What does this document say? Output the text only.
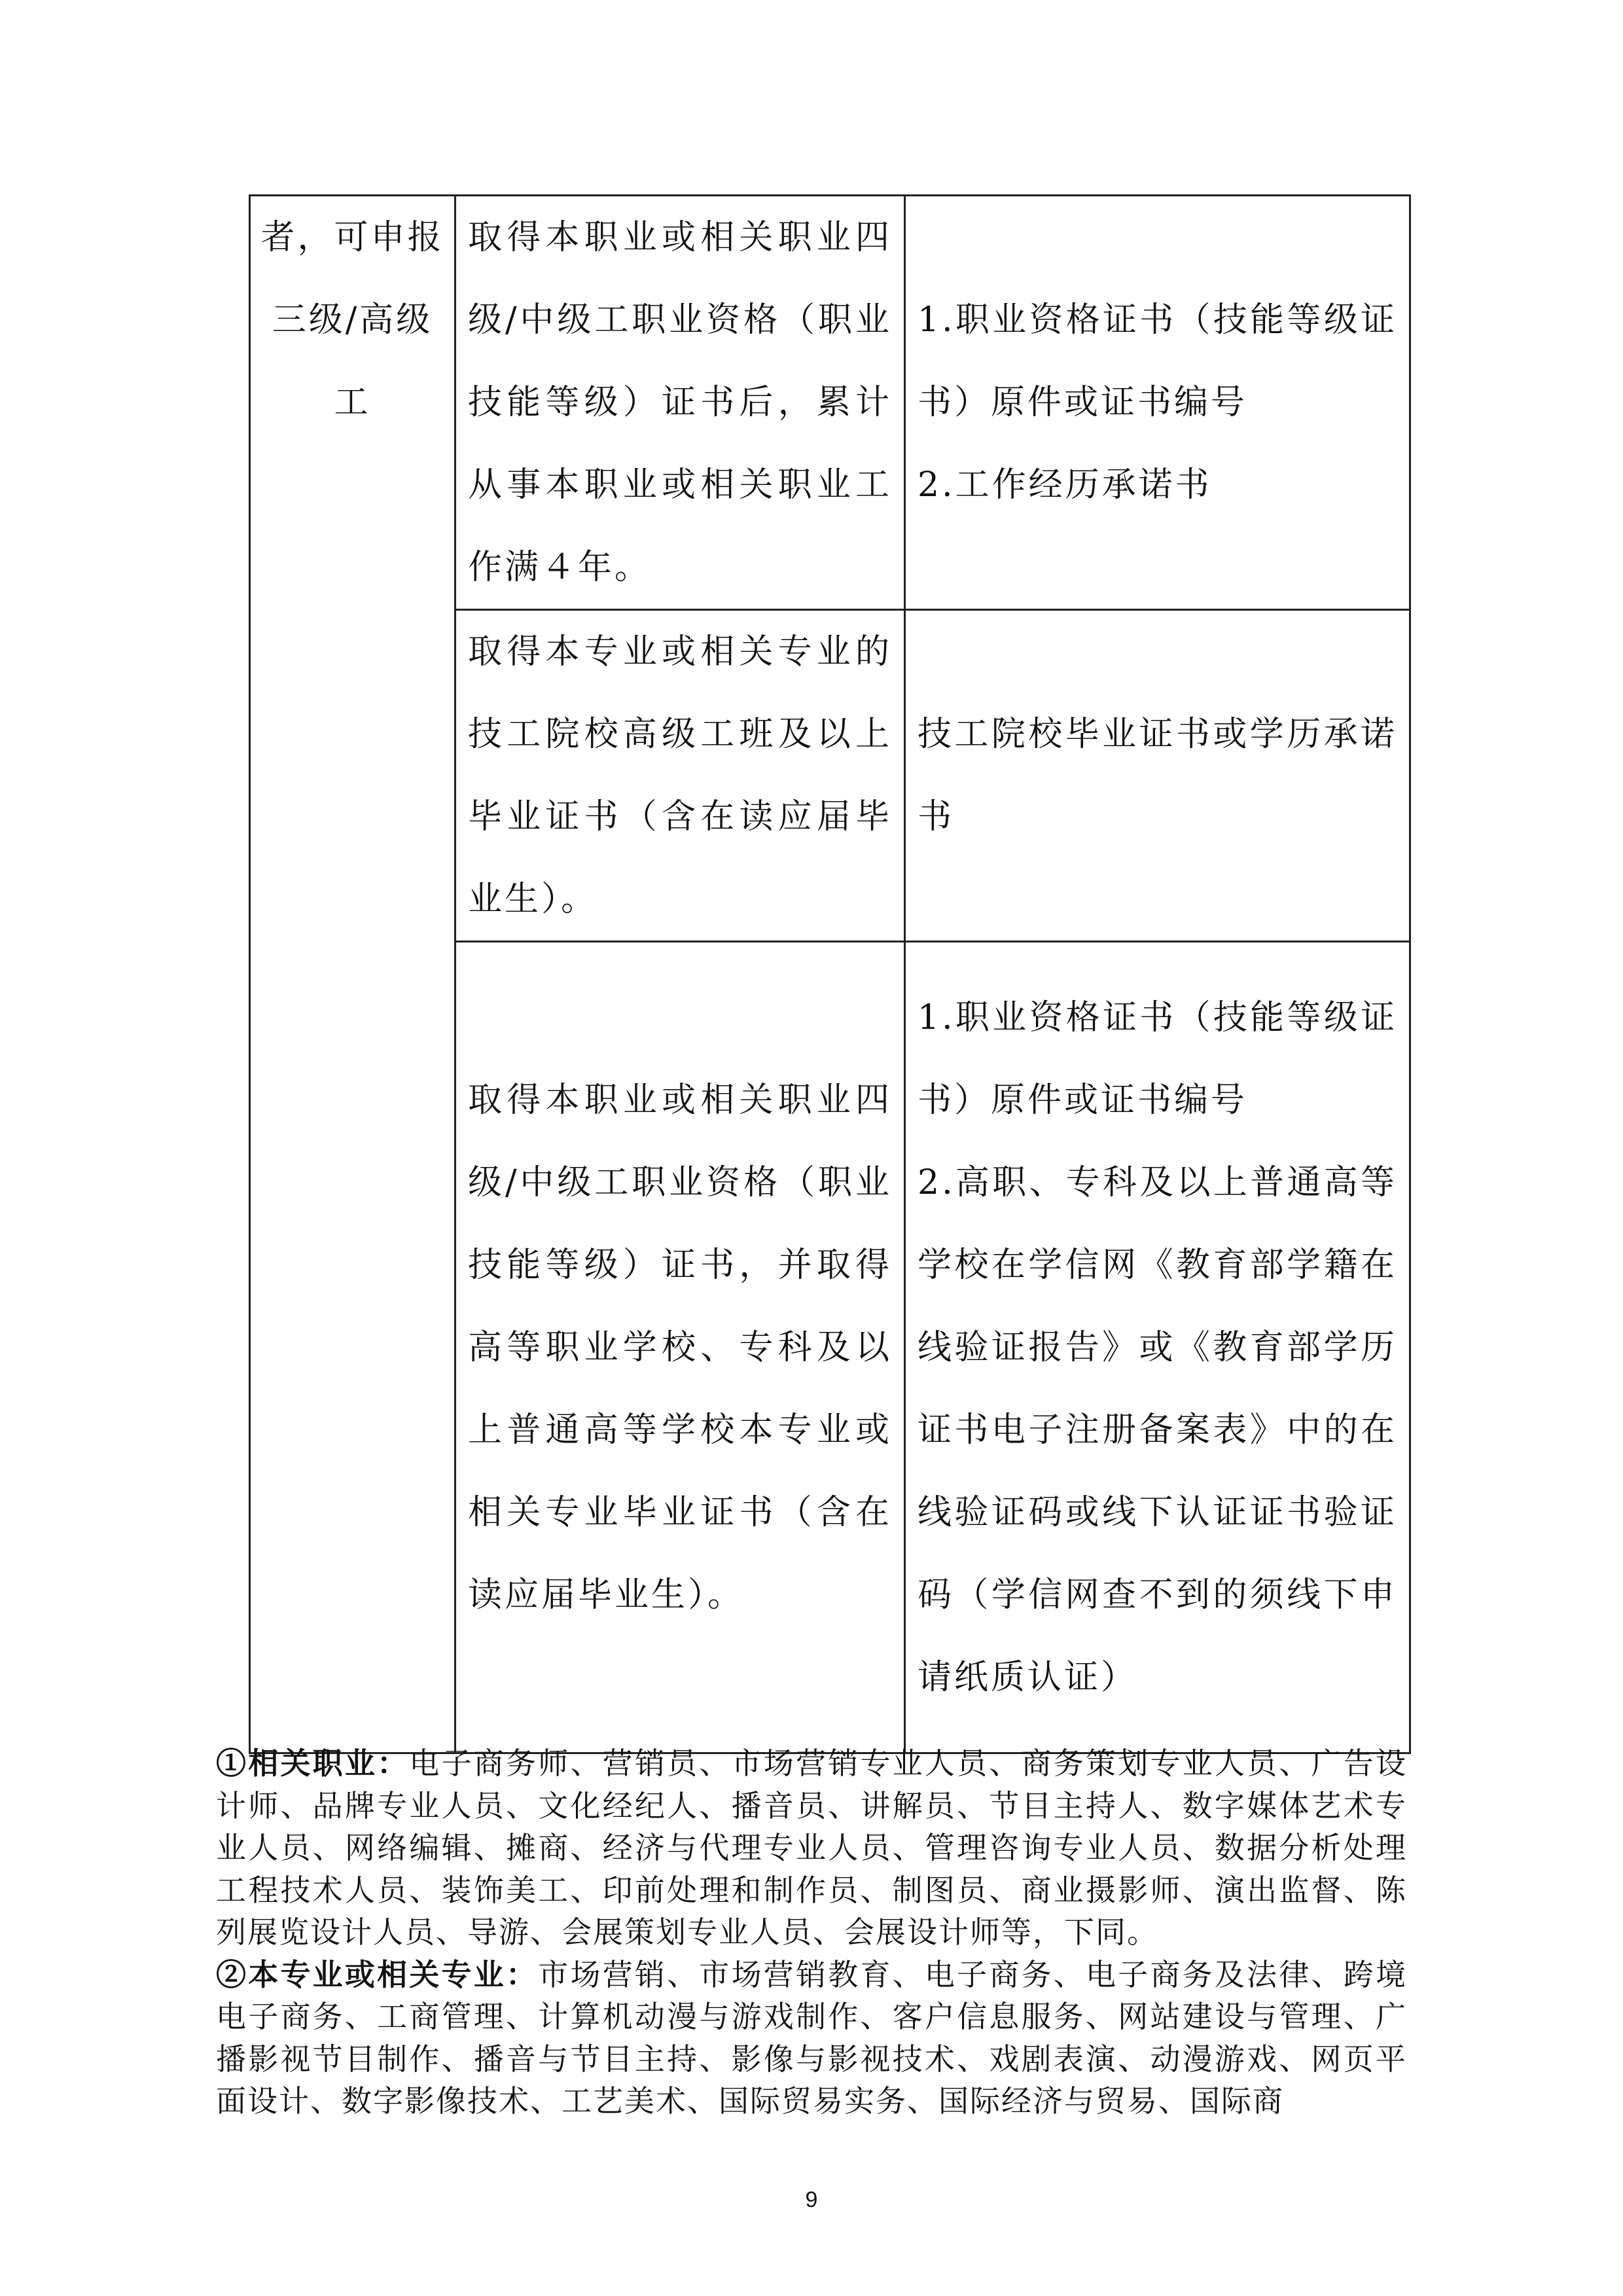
者，可申报
三级/高级
工	取得本职业或相关职业四级/中级工职业资格（职业技能等级）证书后，累计从事本职业或相关职业工作满４年。	1.职业资格证书（技能等级证书）原件或证书编号
2.工作经历承诺书
	取得本专业或相关专业的技工院校高级工班及以上毕业证书（含在读应届毕业生）。	技工院校毕业证书或学历承诺书
	取得本职业或相关职业四级/中级工职业资格（职业技能等级）证书，并取得高等职业学校、专科及以上普通高等学校本专业或相关专业毕业证书（含在读应届毕业生）。	1.职业资格证书（技能等级证书）原件或证书编号
2.高职、专科及以上普通高等学校在学信网《教育部学籍在线验证报告》或《教育部学历证书电子注册备案表》中的在线验证码或线下认证证书验证码（学信网查不到的须线下申请纸质认证）

①相关职业：电子商务师、营销员、市场营销专业人员、商务策划专业人员、广告设计师、品牌专业人员、文化经纪人、播音员、讲解员、节目主持人、数字媒体艺术专业人员、网络编辑、摊商、经济与代理专业人员、管理咨询专业人员、数据分析处理工程技术人员、装饰美工、印前处理和制作员、制图员、商业摄影师、演出监督、陈列展览设计人员、导游、会展策划专业人员、会展设计师等，下同。

②本专业或相关专业：市场营销、市场营销教育、电子商务、电子商务及法律、跨境电子商务、工商管理、计算机动漫与游戏制作、客户信息服务、网站建设与管理、广播影视节目制作、播音与节目主持、影像与影视技术、戏剧表演、动漫游戏、网页平面设计、数字影像技术、工艺美术、国际贸易实务、国际经济与贸易、国际商

9
